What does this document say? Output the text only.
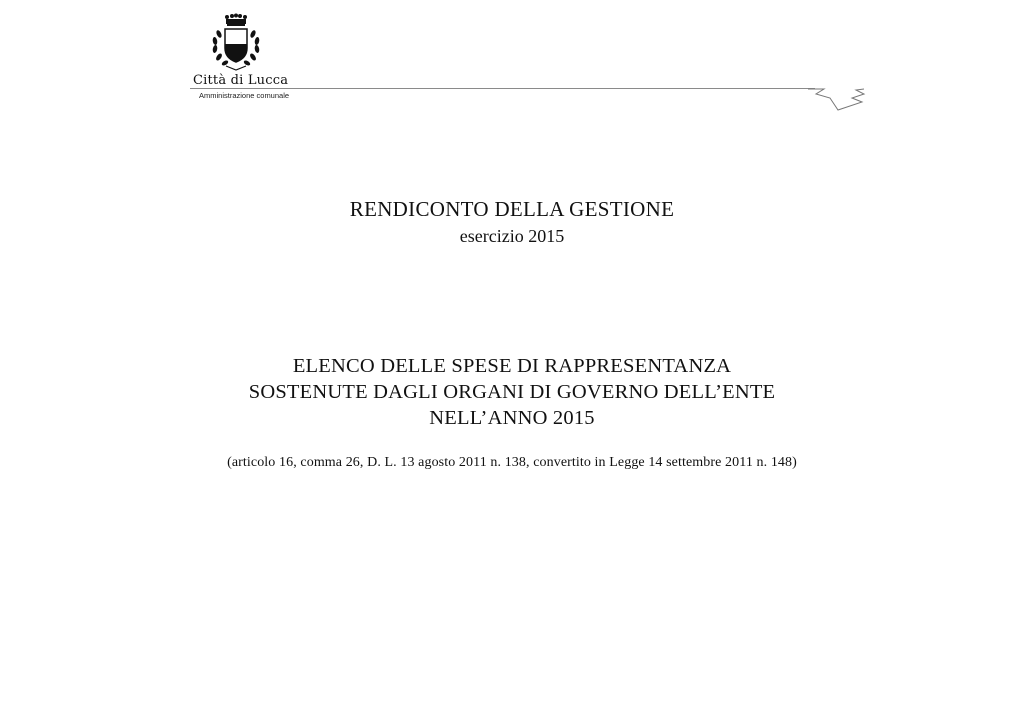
Città di Lucca
Amministrazione comunale
RENDICONTO DELLA GESTIONE
esercizio 2015
ELENCO DELLE SPESE DI RAPPRESENTANZA
SOSTENUTE DAGLI ORGANI DI GOVERNO DELL’ENTE
NELL’ANNO 2015
(articolo 16, comma 26, D. L. 13 agosto 2011 n. 138, convertito in Legge 14 settembre 2011 n. 148)
